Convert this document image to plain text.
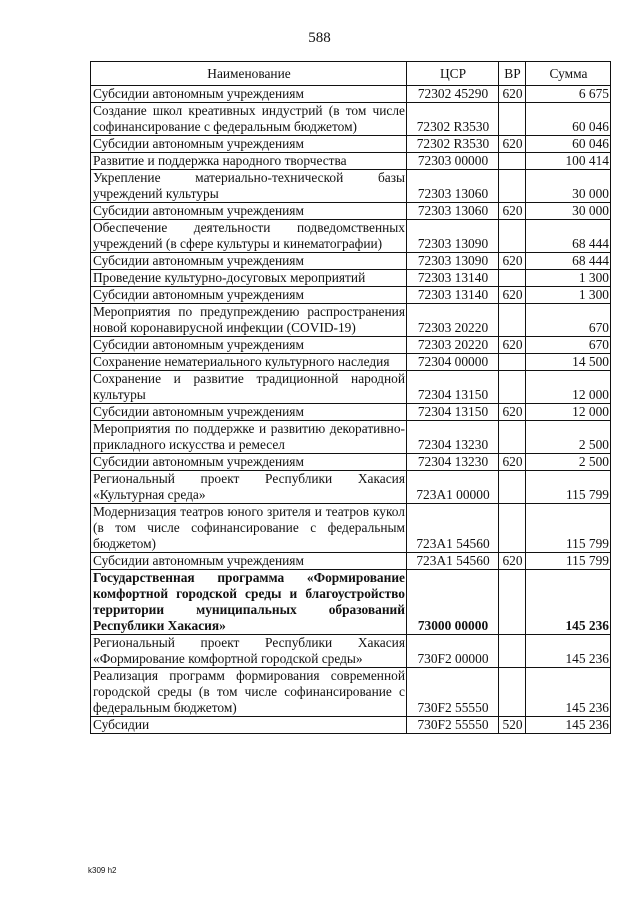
588
Наименование	ЦСР	ВР	Сумма
Субсидии автономным учреждениям	72302 45290	620	6 675
Создание школ креативных индустрий (в том числе софинансирование с федеральным бюджетом)	72302 R3530		60 046
Субсидии автономным учреждениям	72302 R3530	620	60 046
Развитие и поддержка народного творчества	72303 00000		100 414
Укрепление материально-технической базы учреждений культуры	72303 13060		30 000
Субсидии автономным учреждениям	72303 13060	620	30 000
Обеспечение деятельности подведомственных учреждений (в сфере культуры и кинематографии)	72303 13090		68 444
Субсидии автономным учреждениям	72303 13090	620	68 444
Проведение культурно-досуговых мероприятий	72303 13140		1 300
Субсидии автономным учреждениям	72303 13140	620	1 300
Мероприятия по предупреждению распространения новой коронавирусной инфекции (COVID-19)	72303 20220		670
Субсидии автономным учреждениям	72303 20220	620	670
Сохранение нематериального культурного наследия	72304 00000		14 500
Сохранение и развитие традиционной народной культуры	72304 13150		12 000
Субсидии автономным учреждениям	72304 13150	620	12 000
Мероприятия по поддержке и развитию декоративно-прикладного искусства и ремесел	72304 13230		2 500
Субсидии автономным учреждениям	72304 13230	620	2 500
Региональный проект Республики Хакасия «Культурная среда»	723A1 00000		115 799
Модернизация театров юного зрителя и театров кукол (в том числе софинансирование с федеральным бюджетом)	723A1 54560		115 799
Субсидии автономным учреждениям	723A1 54560	620	115 799
Государственная программа «Формирование комфортной городской среды и благоустройство территории муниципальных образований Республики Хакасия»	73000 00000		145 236
Региональный проект Республики Хакасия «Формирование комфортной городской среды»	730F2 00000		145 236
Реализация программ формирования современной городской среды (в том числе софинансирование с федеральным бюджетом)	730F2 55550		145 236
Субсидии	730F2 55550	520	145 236
k309 h2
